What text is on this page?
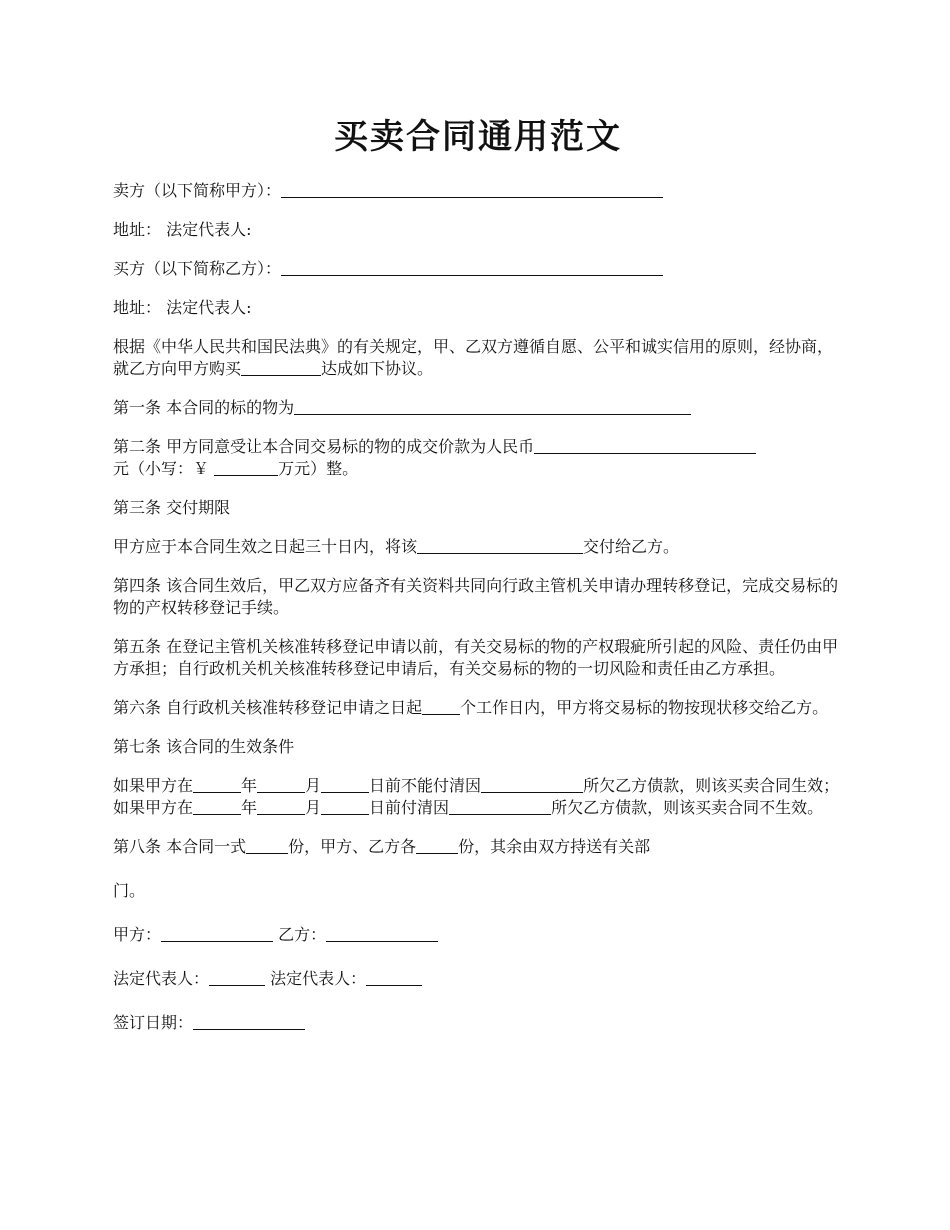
买卖合同通用范文
卖方（以下简称甲方）：
地址： 法定代表人:
买方（以下简称乙方）：
地址： 法定代表人:
根据《中华人民共和国民法典》的有关规定，甲、乙双方遵循自愿、公平和诚实信用的原则，经协商，就乙方向甲方购买	达成如下协议。
第一条 本合同的标的物为
第二条 甲方同意受让本合同交易标的物的成交价款为人民币
元（小写：￥	万元）整。
第三条 交付期限
甲方应于本合同生效之日起三十日内，将该	交付给乙方。
第四条 该合同生效后，甲乙双方应备齐有关资料共同向行政主管机关申请办理转移登记，完成交易标的物的产权转移登记手续。
第五条 在登记主管机关核准转移登记申请以前，有关交易标的物的产权瑕疵所引起的风险、责任仍由甲方承担；自行政机关机关核准转移登记申请后，有关交易标的物的一切风险和责任由乙方承担。
第六条 自行政机关核准转移登记申请之日起 个工作日内，甲方将交易标的物按现状移交给乙方。
第七条 该合同的生效条件
如果甲方在	年	月	日前不能付清因	所欠乙方债款，则该买卖合同生效；如果甲方在	年	月	日前付清因	所欠乙方债款，则该买卖合同不生效。
第八条 本合同一式	份，甲方、乙方各	份，其余由双方持送有关部
门。
甲方：	乙方：
法定代表人：	法定代表人：
签订日期：
